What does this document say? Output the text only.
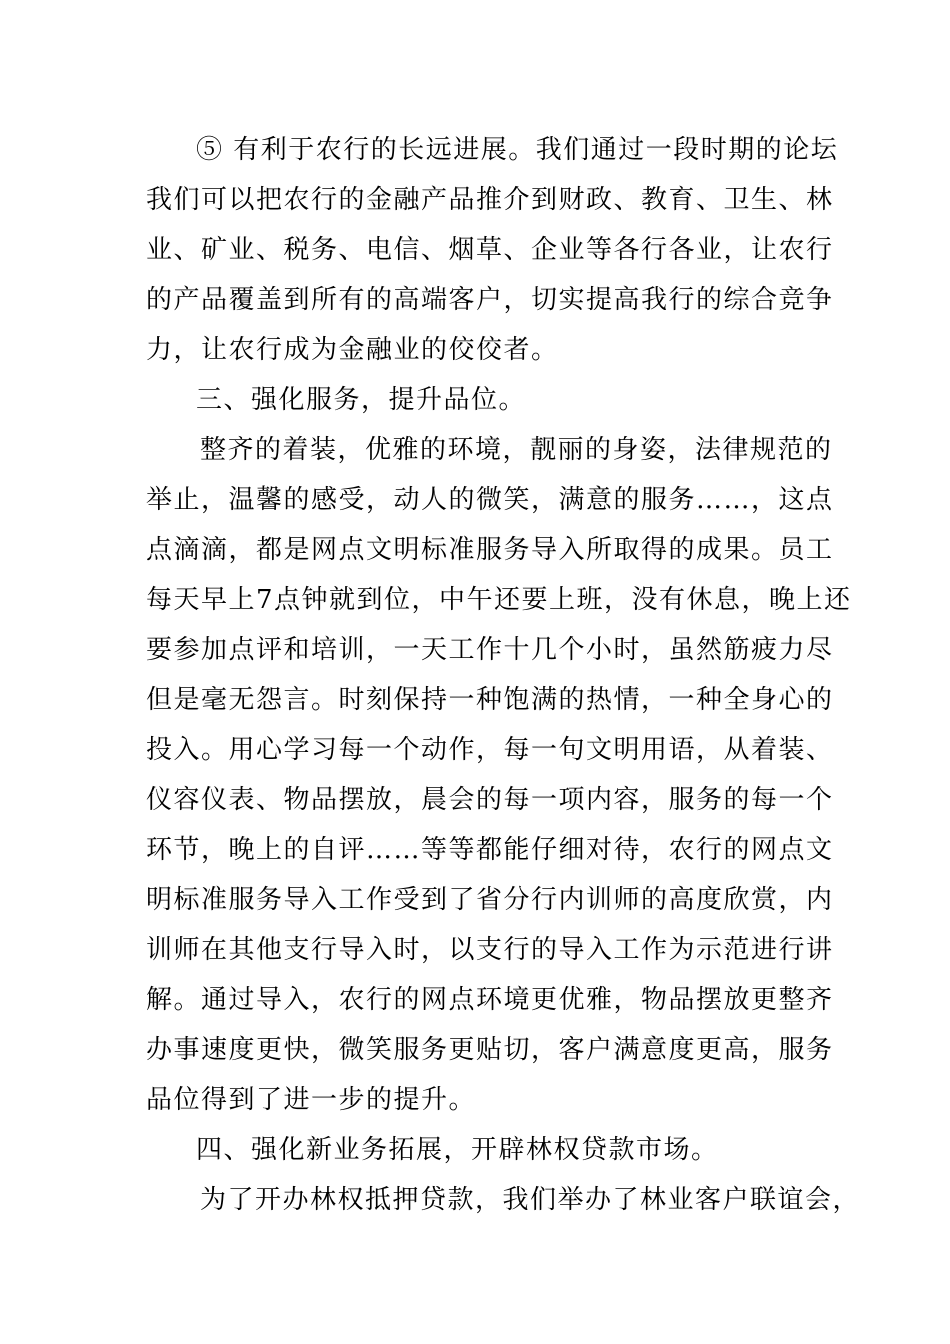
⑤ 有利于农行的长远进展。我们通过一段时期的论坛

我们可以把农行的金融产品推介到财政、教育、卫生、林

业、矿业、税务、电信、烟草、企业等各行各业，让农行

的产品覆盖到所有的高端客户，切实提高我行的综合竞争

力，让农行成为金融业的佼佼者。

三、强化服务，提升品位。

整齐的着装，优雅的环境，靓丽的身姿，法律规范的

举止，温馨的感受，动人的微笑，满意的服务……，这点

点滴滴，都是网点文明标准服务导入所取得的成果。员工

每天早上7点钟就到位，中午还要上班，没有休息，晚上还

要参加点评和培训，一天工作十几个小时，虽然筋疲力尽

但是毫无怨言。时刻保持一种饱满的热情，一种全身心的

投入。用心学习每一个动作，每一句文明用语，从着装、

仪容仪表、物品摆放，晨会的每一项内容，服务的每一个

环节，晚上的自评……等等都能仔细对待，农行的网点文

明标准服务导入工作受到了省分行内训师的高度欣赏，内

训师在其他支行导入时，以支行的导入工作为示范进行讲

解。通过导入，农行的网点环境更优雅，物品摆放更整齐

办事速度更快，微笑服务更贴切，客户满意度更高，服务

品位得到了进一步的提升。

四、强化新业务拓展，开辟林权贷款市场。

为了开办林权抵押贷款，我们举办了林业客户联谊会，
